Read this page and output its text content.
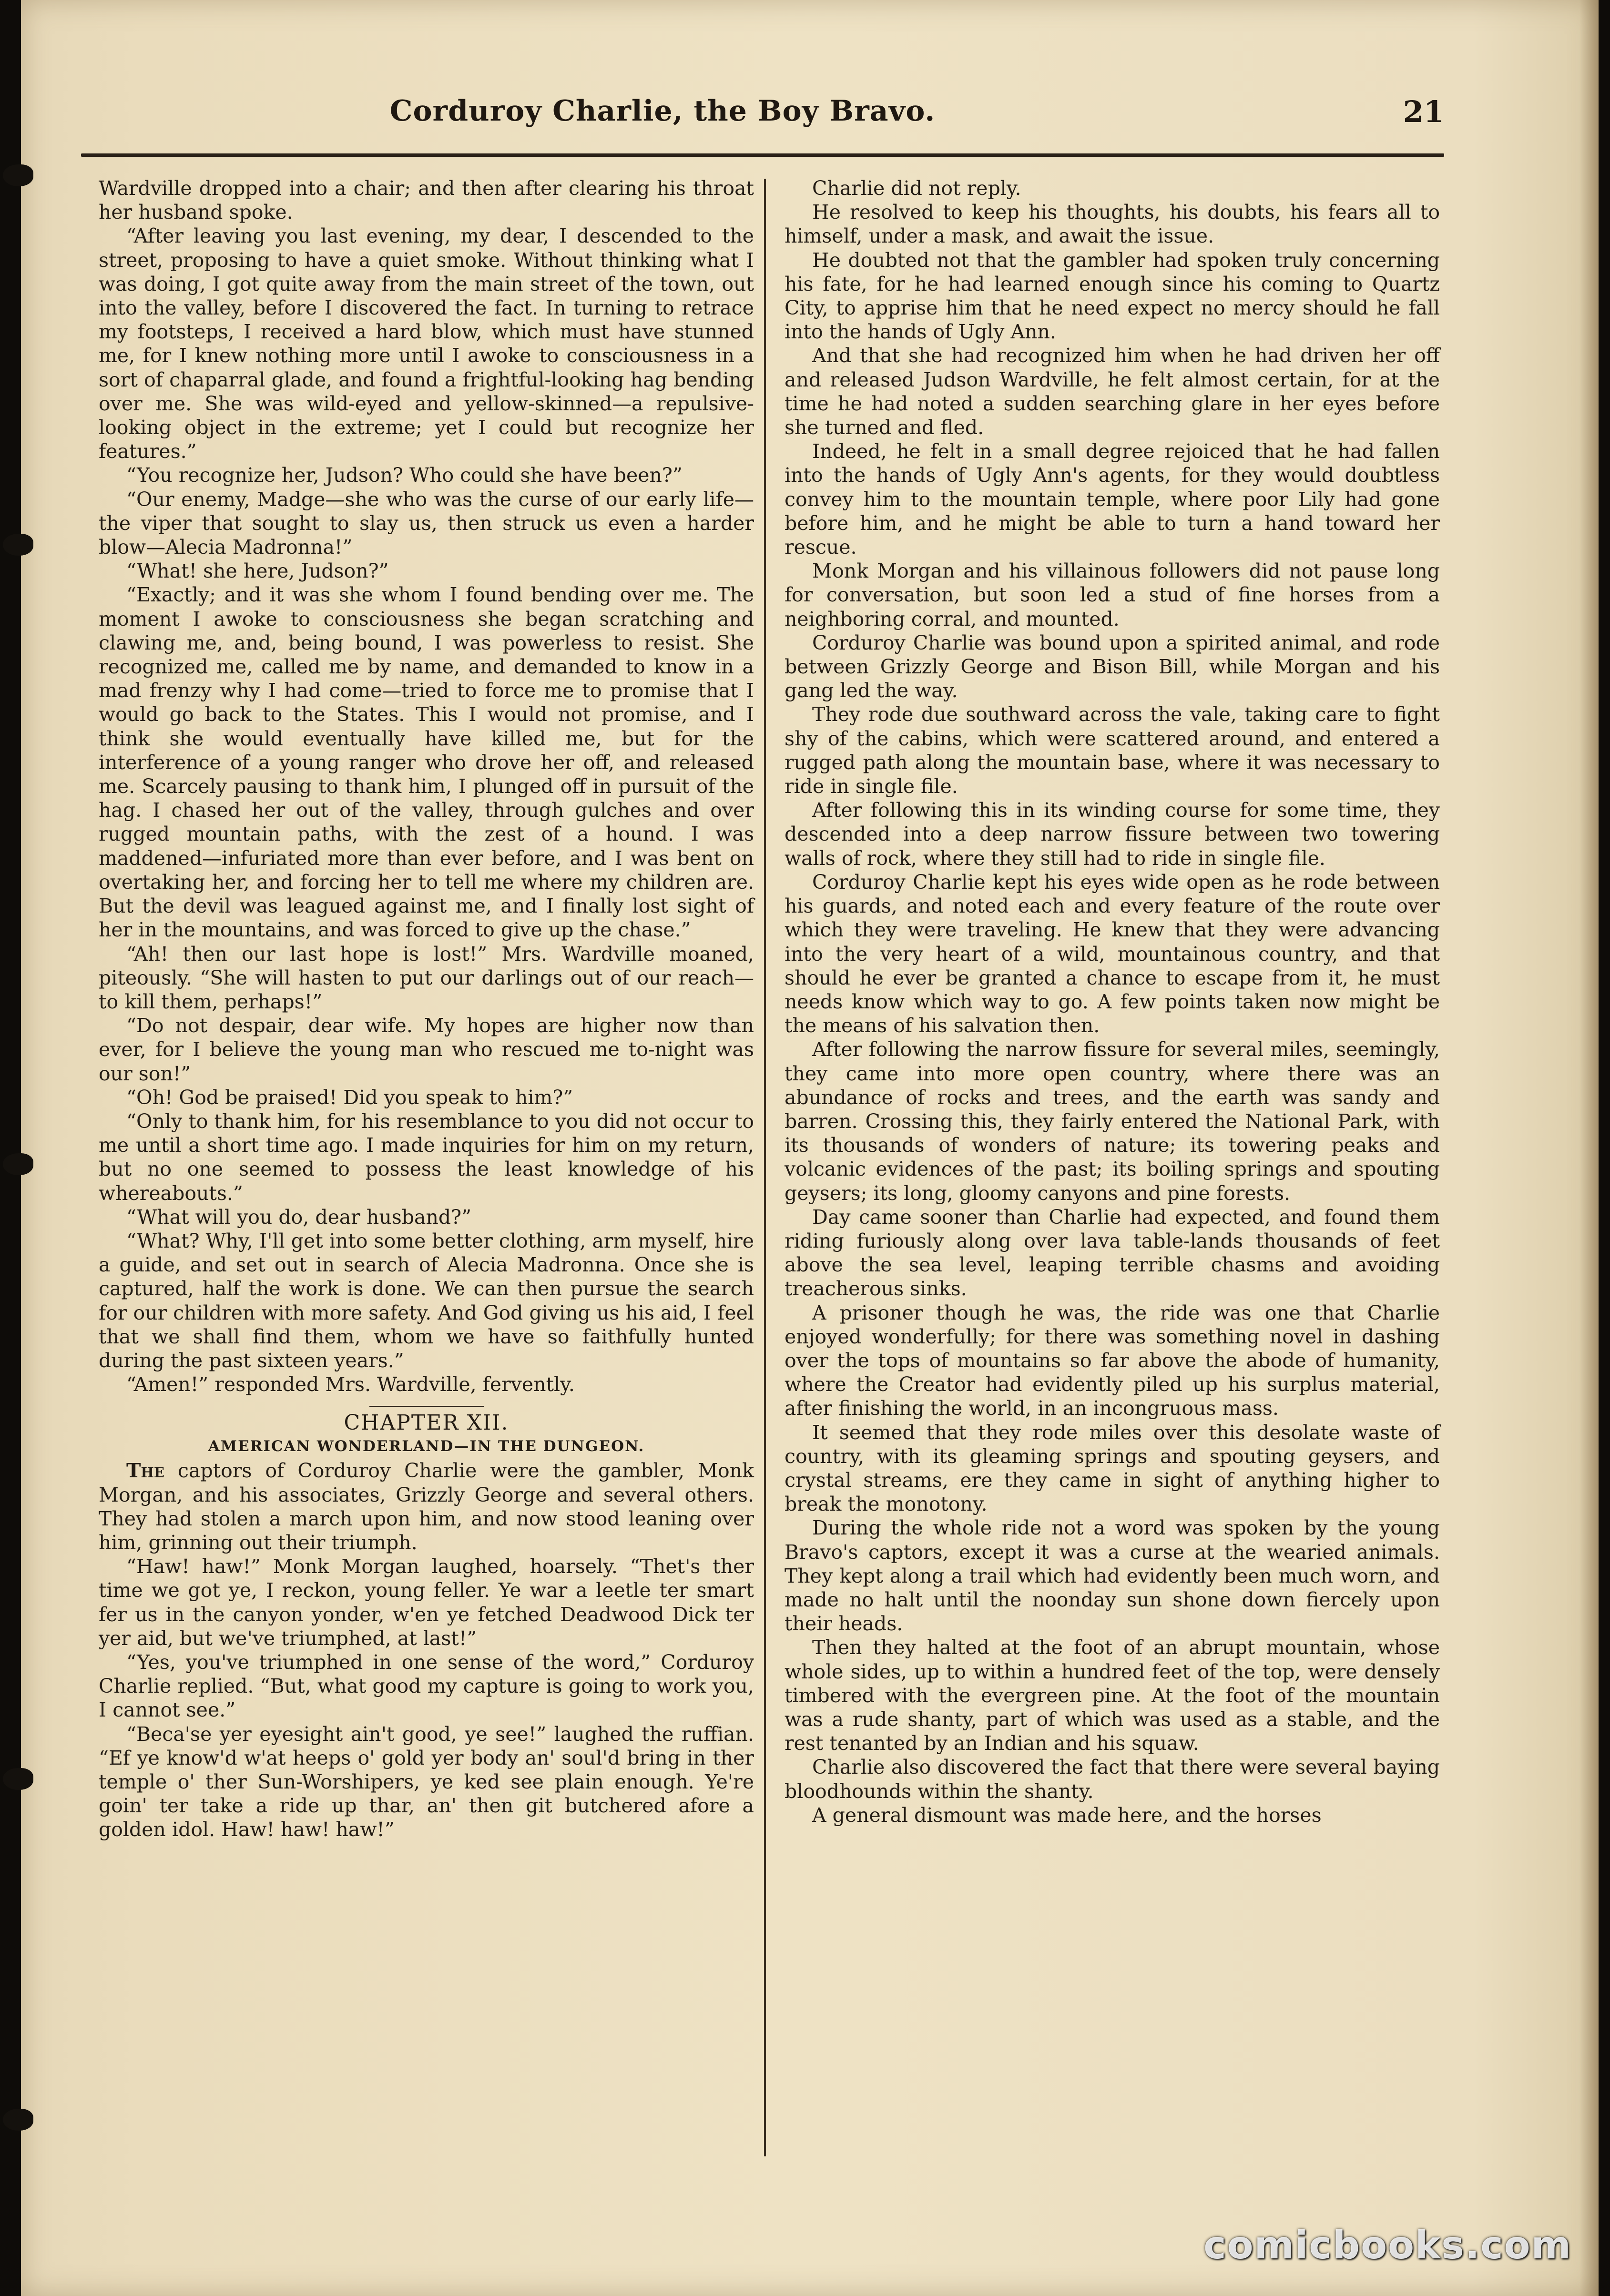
Corduroy Charlie, the Boy Bravo.	21

Wardville dropped into a chair; and then after clearing his throat her husband spoke.

“After leaving you last evening, my dear, I descended to the street, proposing to have a quiet smoke. Without thinking what I was doing, I got quite away from the main street of the town, out into the valley, before I discovered the fact. In turning to retrace my footsteps, I received a hard blow, which must have stunned me, for I knew nothing more until I awoke to consciousness in a sort of chaparral glade, and found a frightful-looking hag bending over me. She was wild-eyed and yellow-skinned—a repulsive-looking object in the extreme; yet I could but recognize her features.”

“You recognize her, Judson? Who could she have been?”

“Our enemy, Madge—she who was the curse of our early life—the viper that sought to slay us, then struck us even a harder blow—Alecia Madronna!”

“What! she here, Judson?”

“Exactly; and it was she whom I found bending over me. The moment I awoke to consciousness she began scratching and clawing me, and, being bound, I was powerless to resist. She recognized me, called me by name, and demanded to know in a mad frenzy why I had come—tried to force me to promise that I would go back to the States. This I would not promise, and I think she would eventually have killed me, but for the interference of a young ranger who drove her off, and released me. Scarcely pausing to thank him, I plunged off in pursuit of the hag. I chased her out of the valley, through gulches and over rugged mountain paths, with the zest of a hound. I was maddened—infuriated more than ever before, and I was bent on overtaking her, and forcing her to tell me where my children are. But the devil was leagued against me, and I finally lost sight of her in the mountains, and was forced to give up the chase.”

“Ah! then our last hope is lost!” Mrs. Wardville moaned, piteously. “She will hasten to put our darlings out of our reach—to kill them, perhaps!”

“Do not despair, dear wife. My hopes are higher now than ever, for I believe the young man who rescued me to-night was our son!”

“Oh! God be praised! Did you speak to him?”

“Only to thank him, for his resemblance to you did not occur to me until a short time ago. I made inquiries for him on my return, but no one seemed to possess the least knowledge of his whereabouts.”

“What will you do, dear husband?”

“What? Why, I'll get into some better clothing, arm myself, hire a guide, and set out in search of Alecia Madronna. Once she is captured, half the work is done. We can then pursue the search for our children with more safety. And God giving us his aid, I feel that we shall find them, whom we have so faithfully hunted during the past sixteen years.”

“Amen!” responded Mrs. Wardville, fervently.

CHAPTER XII.
AMERICAN WONDERLAND—IN THE DUNGEON.

The captors of Corduroy Charlie were the gambler, Monk Morgan, and his associates, Grizzly George and several others. They had stolen a march upon him, and now stood leaning over him, grinning out their triumph.

“Haw! haw!” Monk Morgan laughed, hoarsely. “Thet's ther time we got ye, I reckon, young feller. Ye war a leetle ter smart fer us in the canyon yonder, w'en ye fetched Deadwood Dick ter yer aid, but we've triumphed, at last!”

“Yes, you've triumphed in one sense of the word,” Corduroy Charlie replied. “But, what good my capture is going to work you, I cannot see.”

“Beca'se yer eyesight ain't good, ye see!” laughed the ruffian. “Ef ye know'd w'at heeps o' gold yer body an' soul'd bring in ther temple o' ther Sun-Worshipers, ye ked see plain enough. Ye're goin' ter take a ride up thar, an' then git butchered afore a golden idol. Haw! haw! haw!”

Charlie did not reply.

He resolved to keep his thoughts, his doubts, his fears all to himself, under a mask, and await the issue.

He doubted not that the gambler had spoken truly concerning his fate, for he had learned enough since his coming to Quartz City, to apprise him that he need expect no mercy should he fall into the hands of Ugly Ann.

And that she had recognized him when he had driven her off and released Judson Wardville, he felt almost certain, for at the time he had noted a sudden searching glare in her eyes before she turned and fled.

Indeed, he felt in a small degree rejoiced that he had fallen into the hands of Ugly Ann's agents, for they would doubtless convey him to the mountain temple, where poor Lily had gone before him, and he might be able to turn a hand toward her rescue.

Monk Morgan and his villainous followers did not pause long for conversation, but soon led a stud of fine horses from a neighboring corral, and mounted.

Corduroy Charlie was bound upon a spirited animal, and rode between Grizzly George and Bison Bill, while Morgan and his gang led the way.

They rode due southward across the vale, taking care to fight shy of the cabins, which were scattered around, and entered a rugged path along the mountain base, where it was necessary to ride in single file.

After following this in its winding course for some time, they descended into a deep narrow fissure between two towering walls of rock, where they still had to ride in single file.

Corduroy Charlie kept his eyes wide open as he rode between his guards, and noted each and every feature of the route over which they were traveling. He knew that they were advancing into the very heart of a wild, mountainous country, and that should he ever be granted a chance to escape from it, he must needs know which way to go. A few points taken now might be the means of his salvation then.

After following the narrow fissure for several miles, seemingly, they came into more open country, where there was an abundance of rocks and trees, and the earth was sandy and barren. Crossing this, they fairly entered the National Park, with its thousands of wonders of nature; its towering peaks and volcanic evidences of the past; its boiling springs and spouting geysers; its long, gloomy canyons and pine forests.

Day came sooner than Charlie had expected, and found them riding furiously along over lava table-lands thousands of feet above the sea level, leaping terrible chasms and avoiding treacherous sinks.

A prisoner though he was, the ride was one that Charlie enjoyed wonderfully; for there was something novel in dashing over the tops of mountains so far above the abode of humanity, where the Creator had evidently piled up his surplus material, after finishing the world, in an incongruous mass.

It seemed that they rode miles over this desolate waste of country, with its gleaming springs and spouting geysers, and crystal streams, ere they came in sight of anything higher to break the monotony.

During the whole ride not a word was spoken by the young Bravo's captors, except it was a curse at the wearied animals. They kept along a trail which had evidently been much worn, and made no halt until the noonday sun shone down fiercely upon their heads.

Then they halted at the foot of an abrupt mountain, whose whole sides, up to within a hundred feet of the top, were densely timbered with the evergreen pine. At the foot of the mountain was a rude shanty, part of which was used as a stable, and the rest tenanted by an Indian and his squaw.

Charlie also discovered the fact that there were several baying bloodhounds within the shanty.

A general dismount was made here, and the horses

comicbooks.com
